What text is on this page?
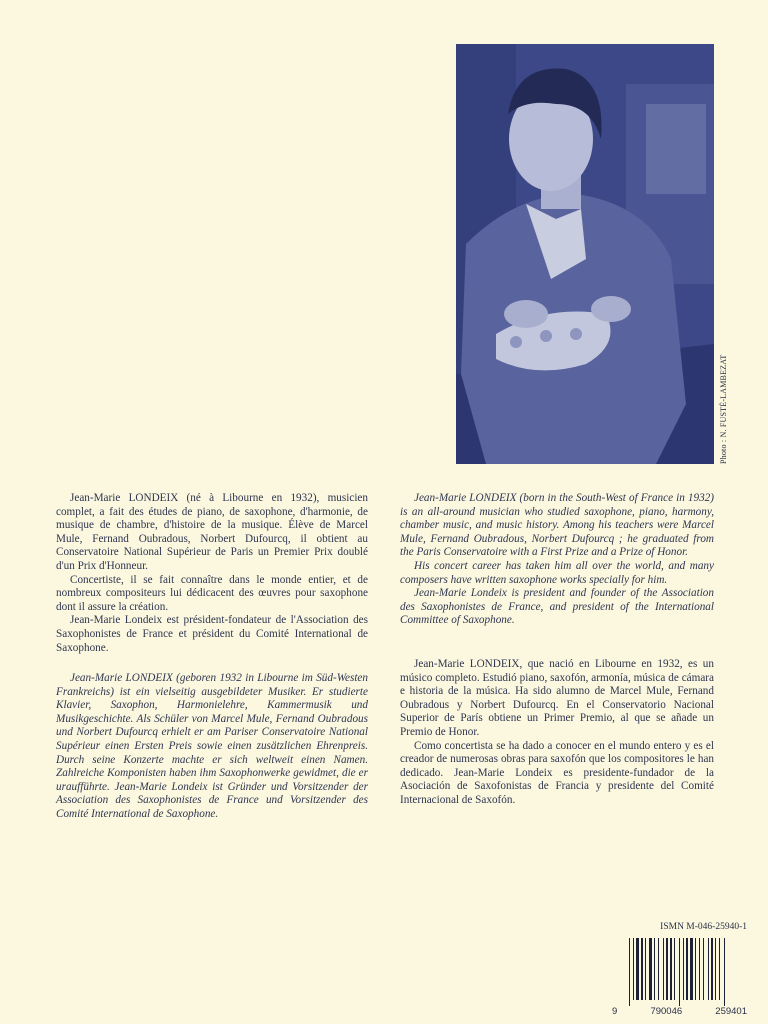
Photo : N. FUSTÉ-LAMBEZAT

Jean-Marie LONDEIX (né à Libourne en 1932), musicien complet, a fait des études de piano, de saxophone, d'harmonie, de musique de chambre, d'histoire de la musique. Élève de Marcel Mule, Fernand Oubradous, Norbert Dufourcq, il obtient au Conservatoire National Supérieur de Paris un Premier Prix doublé d'un Prix d'Honneur.

Concertiste, il se fait connaître dans le monde entier, et de nombreux compositeurs lui dédicacent des œuvres pour saxophone dont il assure la création.

Jean-Marie Londeix est président-fondateur de l'Association des Saxophonistes de France et président du Comité International de Saxophone.

Jean-Marie LONDEIX (geboren 1932 in Libourne im Süd-Westen Frankreichs) ist ein vielseitig ausgebildeter Musiker. Er studierte Klavier, Saxophon, Harmonielehre, Kammermusik und Musikgeschichte. Als Schüler von Marcel Mule, Fernand Oubradous und Norbert Dufourcq erhielt er am Pariser Conservatoire National Supérieur einen Ersten Preis sowie einen zusätzlichen Ehrenpreis. Durch seine Konzerte machte er sich weltweit einen Namen. Zahlreiche Komponisten haben ihm Saxophonwerke gewidmet, die er uraufführte. Jean-Marie Londeix ist Gründer und Vorsitzender der Association des Saxophonistes de France und Vorsitzender des Comité International de Saxophone.

Jean-Marie LONDEIX (born in the South-West of France in 1932) is an all-around musician who studied saxophone, piano, harmony, chamber music, and music history. Among his teachers were Marcel Mule, Fernand Oubradous, Norbert Dufourcq ; he graduated from the Paris Conservatoire with a First Prize and a Prize of Honor.

His concert career has taken him all over the world, and many composers have written saxophone works specially for him.

Jean-Marie Londeix is president and founder of the Association des Saxophonistes de France, and president of the International Committee of Saxophone.

Jean-Marie LONDEIX, que nació en Libourne en 1932, es un músico completo. Estudió piano, saxofón, armonía, música de cámara e historia de la música. Ha sido alumno de Marcel Mule, Fernand Oubradous y Norbert Dufourcq. En el Conservatorio Nacional Superior de París obtiene un Primer Premio, al que se añade un Premio de Honor.

Como concertista se ha dado a conocer en el mundo entero y es el creador de numerosas obras para saxofón que los compositores le han dedicado. Jean-Marie Londeix es presidente-fundador de la Asociación de Saxofonistas de Francia y presidente del Comité Internacional de Saxofón.

ISMN M-046-25940-1
9	790046	259401
